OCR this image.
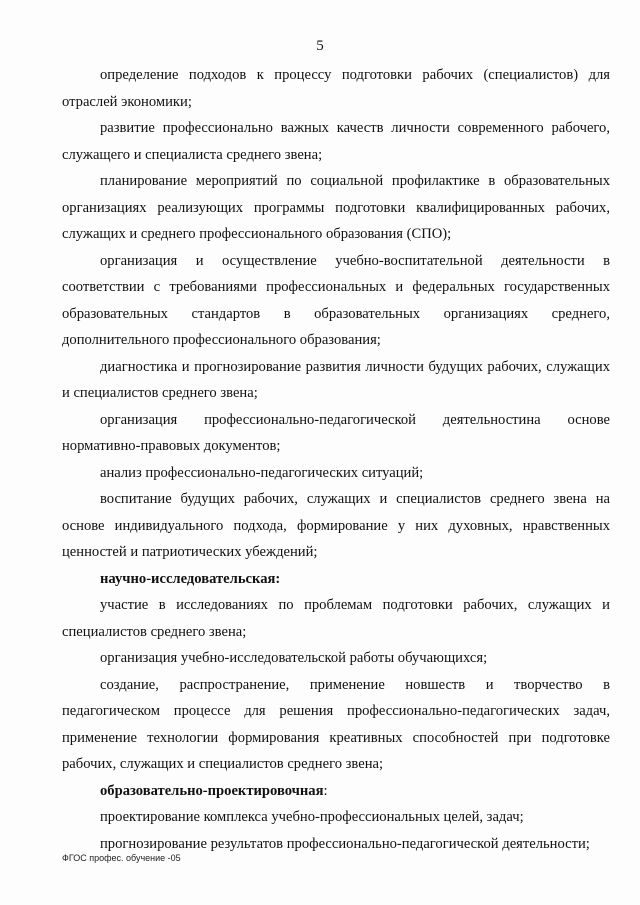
5

определение подходов к процессу подготовки рабочих (специалистов) для отраслей экономики;

развитие профессионально важных качеств личности современного рабочего, служащего и специалиста среднего звена;

планирование мероприятий по социальной профилактике в образовательных организациях реализующих программы подготовки квалифицированных рабочих, служащих и среднего профессионального образования (СПО);

организация и осуществление учебно-воспитательной деятельности в соответствии с требованиями профессиональных и федеральных государственных образовательных стандартов в образовательных организациях среднего, дополнительного профессионального образования;

диагностика и прогнозирование развития личности будущих рабочих, служащих и специалистов среднего звена;

организация профессионально-педагогической деятельностина основе нормативно-правовых документов;

анализ профессионально-педагогических ситуаций;

воспитание будущих рабочих, служащих и специалистов среднего звена на основе индивидуального подхода, формирование у них духовных, нравственных ценностей и патриотических убеждений;

научно-исследовательская:

участие в исследованиях по проблемам подготовки рабочих, служащих и специалистов среднего звена;

организация учебно-исследовательской работы обучающихся;

создание, распространение, применение новшеств и творчество в педагогическом процессе для решения профессионально-педагогических задач, применение технологии формирования креативных способностей при подготовке рабочих, служащих и специалистов среднего звена;

образовательно-проектировочная:

проектирование комплекса учебно-профессиональных целей, задач;

прогнозирование результатов профессионально-педагогической деятельности;

ФГОС профес. обучение -05
